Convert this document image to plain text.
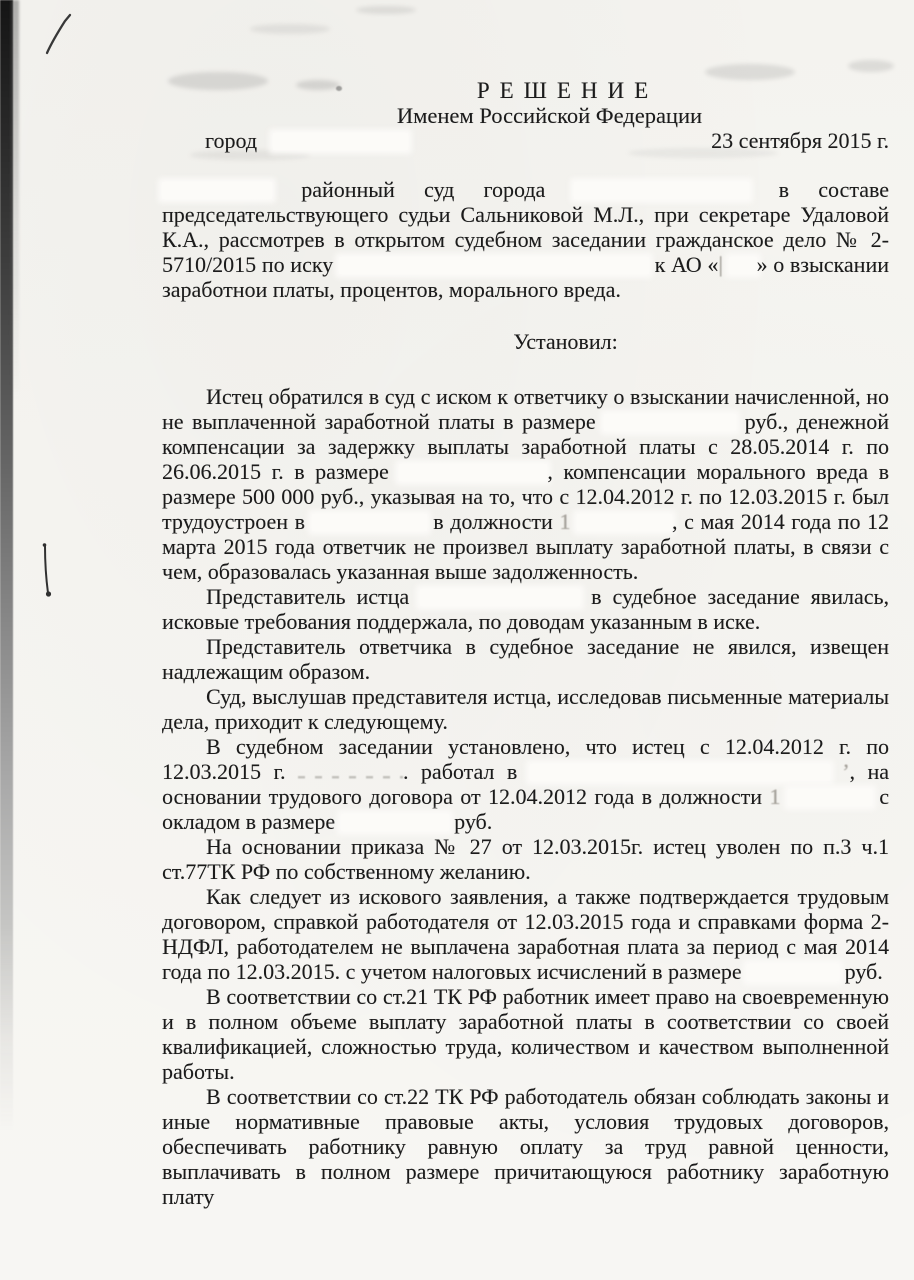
РЕШЕНИЕ
Именем Российской Федерации
город	23 сентября 2015 г.

районный суд города	в составе председательствующего судьи Сальниковой М.Л., при секретаре Удаловой К.А., рассмотрев в открытом судебном заседании гражданское дело № 2-5710/2015 по иску	к АО «| » о взыскании заработнои платы, процентов, морального вреда.

Установил:

Истец обратился в суд с иском к ответчику о взыскании начисленной, но не выплаченной заработной платы в размере	руб., денежной компенсации за задержку выплаты заработной платы с 28.05.2014 г. по 26.06.2015 г. в размере	, компенсации морального вреда в размере 500 000 руб., указывая на то, что с 12.04.2012 г. по 12.03.2015 г. был трудоустроен в	в должности 1	, с мая 2014 года по 12 марта 2015 года ответчик не произвел выплату заработной платы, в связи с чем, образовалась указанная выше задолженность.

Представитель истца	в судебное заседание явилась, исковые требования поддержала, по доводам указанным в иске.

Представитель ответчика в судебное заседание не явился, извещен надлежащим образом.

Суд, выслушав представителя истца, исследовав письменные материалы дела, приходит к следующему.

В судебном заседании установлено, что истец с 12.04.2012 г. по 12.03.2015 г.	. работал в	’, на основании трудового договора от 12.04.2012 года в должности 1	с окладом в размере	руб.

На основании приказа № 27 от 12.03.2015г. истец уволен по п.3 ч.1 ст.77ТК РФ по собственному желанию.

Как следует из искового заявления, а также подтверждается трудовым договором, справкой работодателя от 12.03.2015 года и справками форма 2-НДФЛ, работодателем не выплачена заработная плата за период с мая 2014 года по 12.03.2015. с учетом налоговых исчислений в размере	руб.

В соответствии со ст.21 ТК РФ работник имеет право на своевременную и в полном объеме выплату заработной платы в соответствии со своей квалификацией, сложностью труда, количеством и качеством выполненной работы.

В соответствии со ст.22 ТК РФ работодатель обязан соблюдать законы и иные нормативные правовые акты, условия трудовых договоров, обеспечивать работнику равную оплату за труд равной ценности, выплачивать в полном размере причитающуюся работнику заработную плату
